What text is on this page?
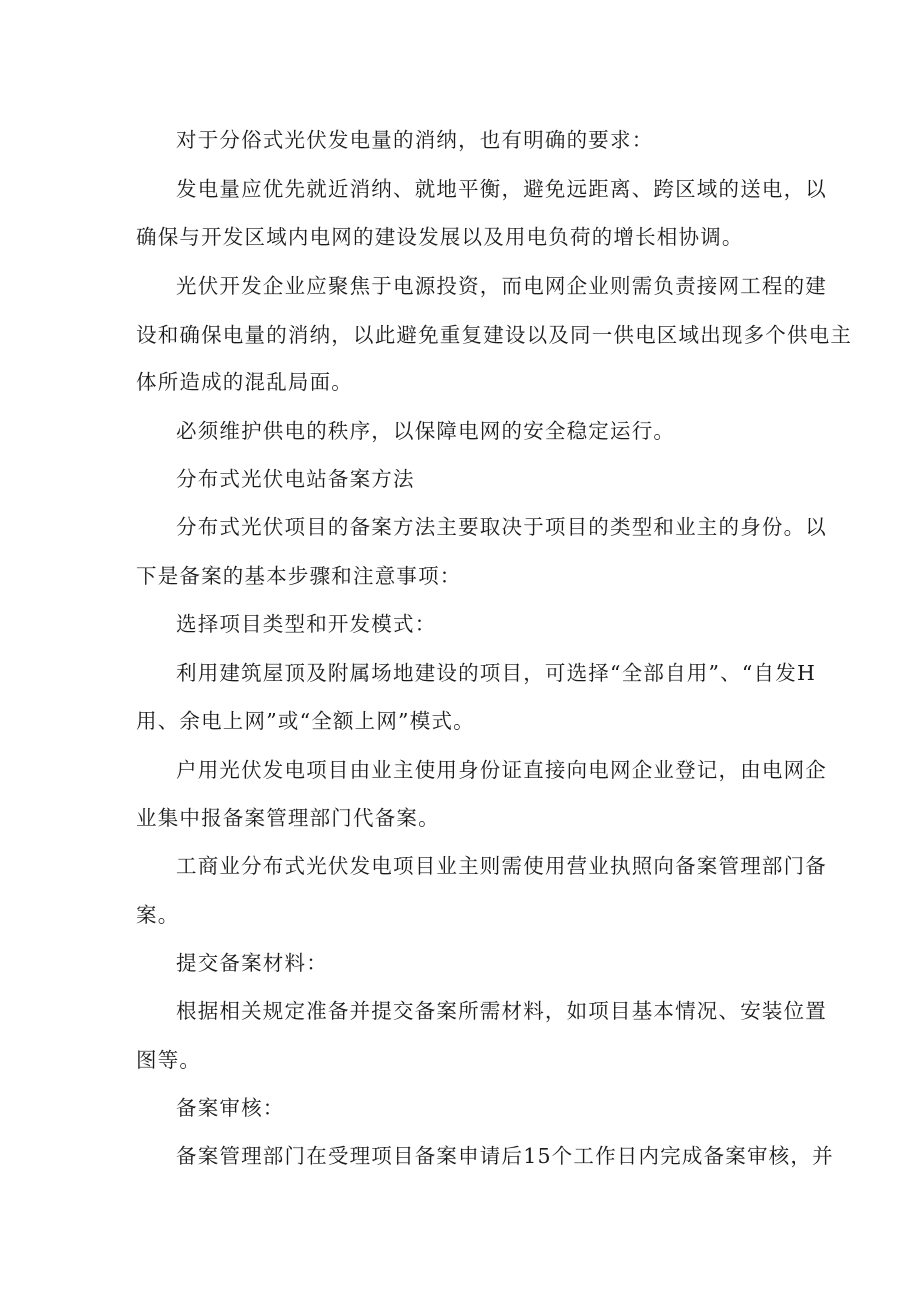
对于分俗式光伏发电量的消纳，也有明确的要求：

发电量应优先就近消纳、就地平衡，避免远距离、跨区域的送电，以

确保与开发区域内电网的建设发展以及用电负荷的增长相协调。

光伏开发企业应聚焦于电源投资，而电网企业则需负责接网工程的建

设和确保电量的消纳，以此避免重复建设以及同一供电区域出现多个供电主

体所造成的混乱局面。

必须维护供电的秩序，以保障电网的安全稳定运行。

分布式光伏电站备案方法

分布式光伏项目的备案方法主要取决于项目的类型和业主的身份。以

下是备案的基本步骤和注意事项：

选择项目类型和开发模式：

利用建筑屋顶及附属场地建设的项目，可选择“全部自用”、“自发H

用、余电上网”或“全额上网”模式。

户用光伏发电项目由业主使用身份证直接向电网企业登记，由电网企

业集中报备案管理部门代备案。

工商业分布式光伏发电项目业主则需使用营业执照向备案管理部门备

案。

提交备案材料：

根据相关规定准备并提交备案所需材料，如项目基本情况、安装位置

图等。

备案审核：

备案管理部门在受理项目备案申请后15个工作日内完成备案审核，并
